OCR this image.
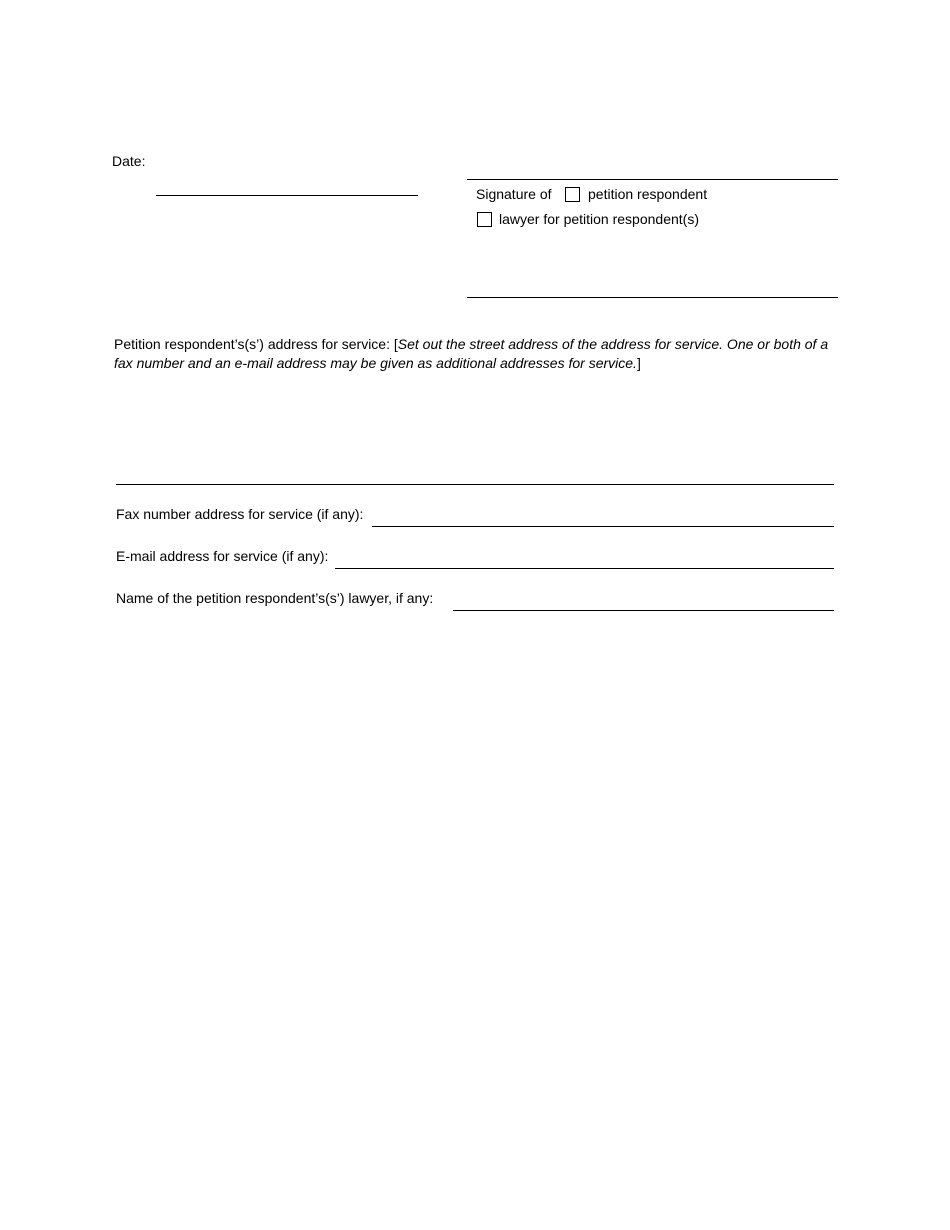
Date:
Signature of	petition respondent
lawyer for petition respondent(s)
Petition respondent’s(s’) address for service: [Set out the street address of the address for service. One or both of a fax number and an e-mail address may be given as additional addresses for service.]
Fax number address for service (if any):
E-mail address for service (if any):
Name of the petition respondent’s(s’) lawyer, if any:
